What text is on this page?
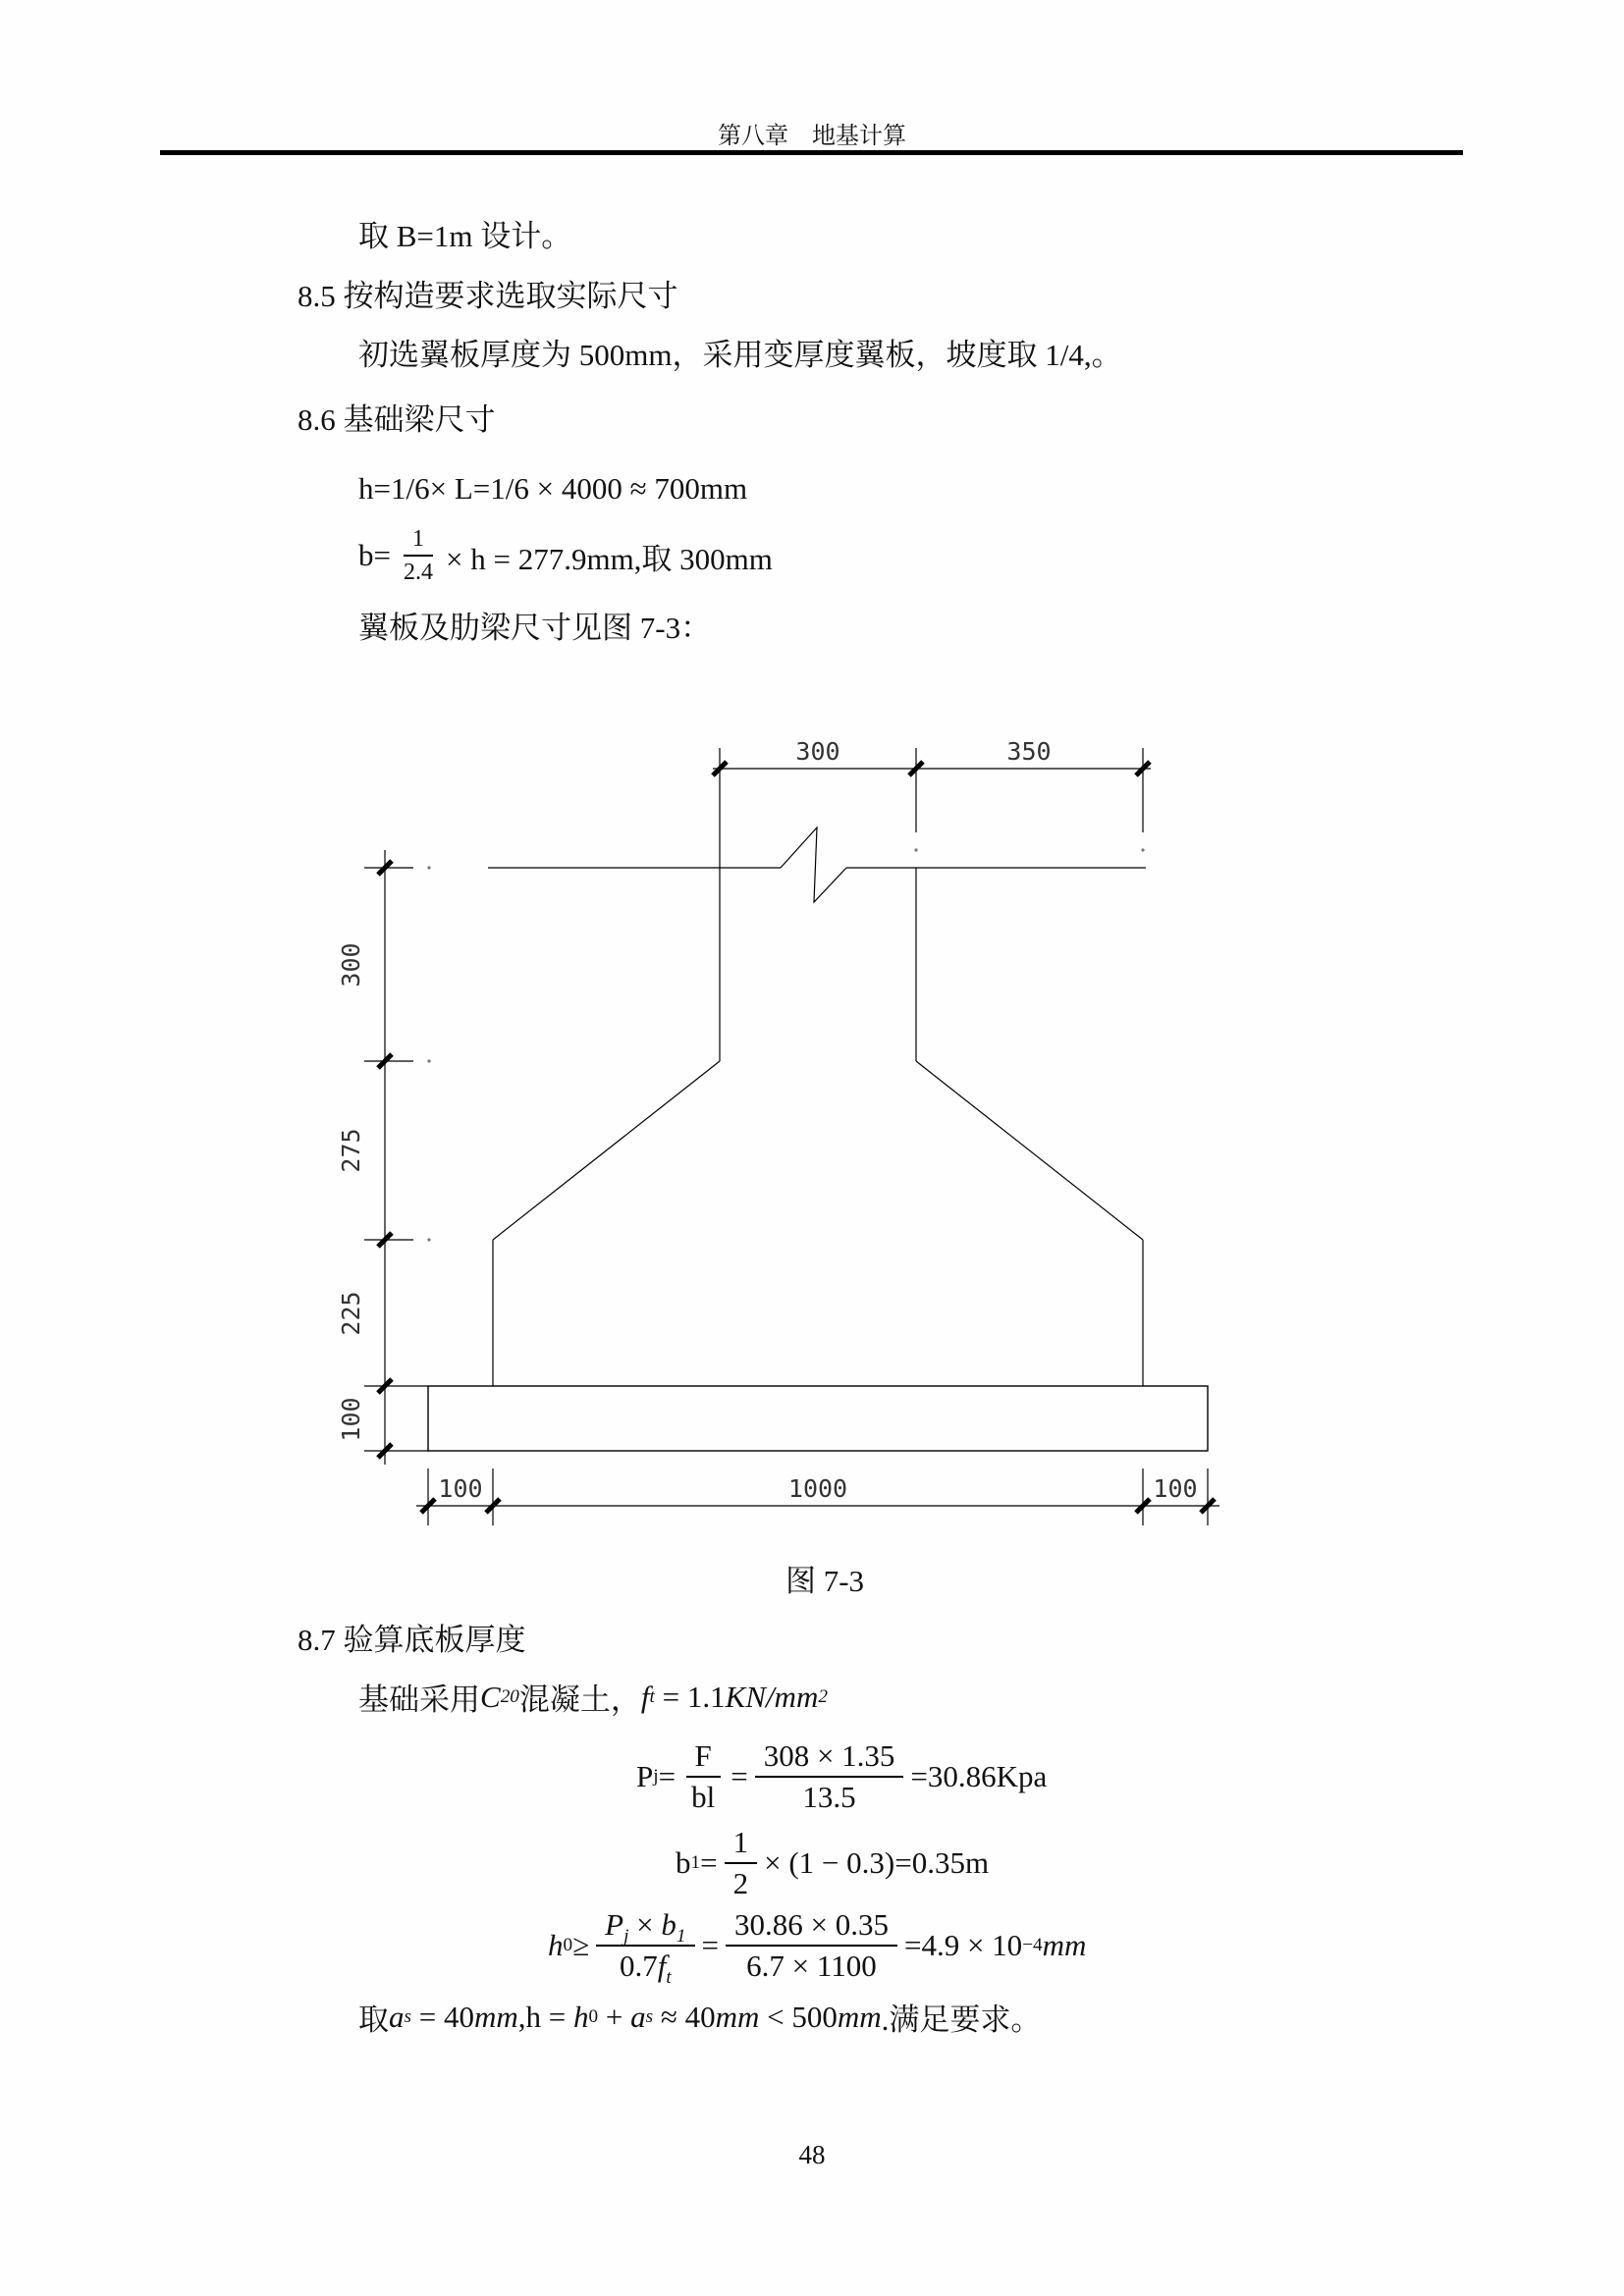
第八章　地基计算
取 B=1m 设计。
8.5 按构造要求选取实际尺寸
初选翼板厚度为 500mm，采用变厚度翼板，坡度取 1/4,。
8.6 基础梁尺寸
h=1/6× L=1/6 × 4000 ≈ 700mm
$b= \frac{1}{2.4} \times h = 277.9mm$,取 300mm
翼板及肋梁尺寸见图 7-3：
300	350
300
275
225
100
100	1000	100
图 7-3
8.7 验算底板厚度
基础采用 C 20 混凝土， f t = 1.1 KN/mm 2
P $j = \frac{F}{bl} = \frac{308 \times 1.35}{13.5} = 30.86Kpa$
b $1 = \frac{1}{2} \times (1 - 0.3) = 0.35m$
h $0 \ge \frac{P_j \times b_1}{0.7f_t} = \frac{30.86 \times 0.35}{6.7 \times 1100} = 4.9 \times 10 -4$ mm
取 a s = 40 mm ,h = h 0 + a s ≈ 40 mm < 500 mm .满足要求。
48
